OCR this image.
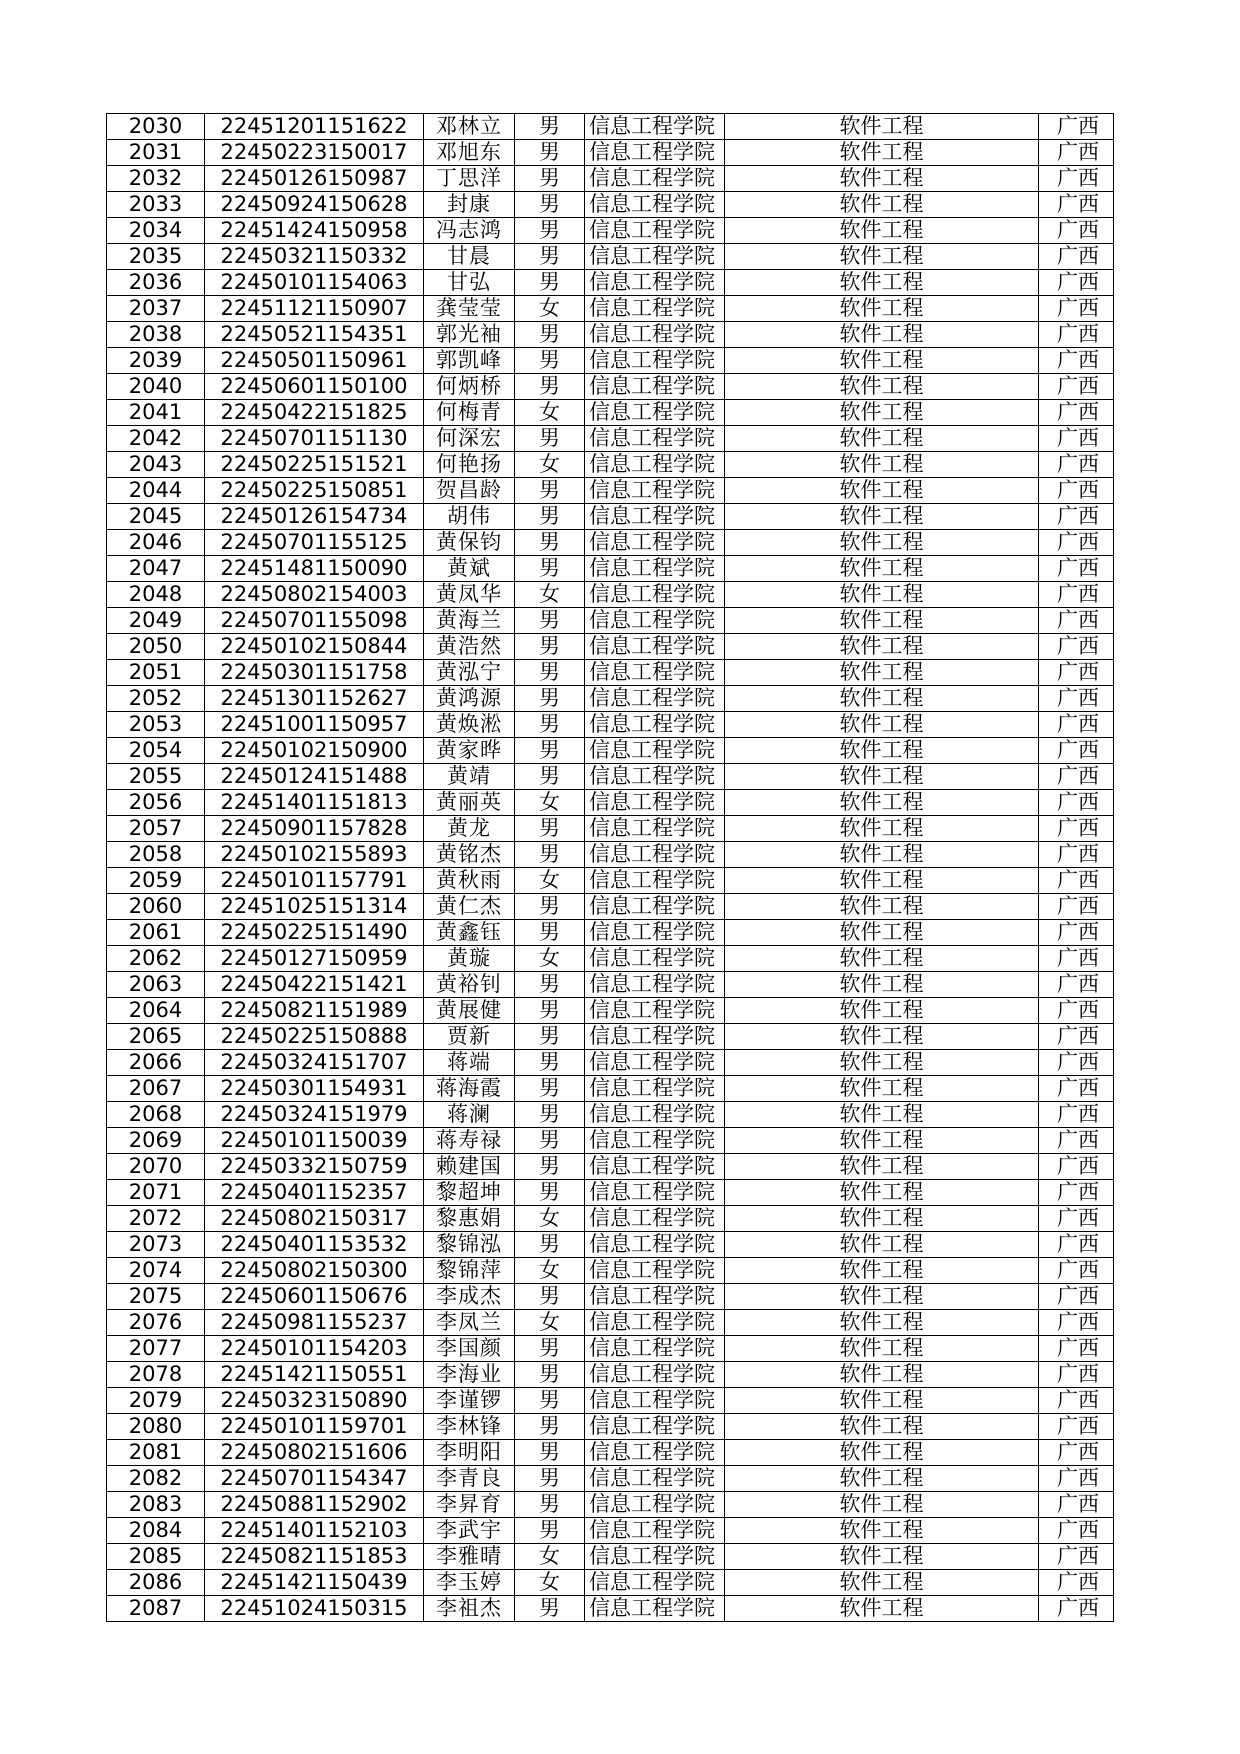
2030	22451201151622	邓林立	男	信息工程学院	软件工程	广西
2031	22450223150017	邓旭东	男	信息工程学院	软件工程	广西
2032	22450126150987	丁思洋	男	信息工程学院	软件工程	广西
2033	22450924150628	封康	男	信息工程学院	软件工程	广西
2034	22451424150958	冯志鸿	男	信息工程学院	软件工程	广西
2035	22450321150332	甘晨	男	信息工程学院	软件工程	广西
2036	22450101154063	甘弘	男	信息工程学院	软件工程	广西
2037	22451121150907	龚莹莹	女	信息工程学院	软件工程	广西
2038	22450521154351	郭光袖	男	信息工程学院	软件工程	广西
2039	22450501150961	郭凯峰	男	信息工程学院	软件工程	广西
2040	22450601150100	何炳桥	男	信息工程学院	软件工程	广西
2041	22450422151825	何梅青	女	信息工程学院	软件工程	广西
2042	22450701151130	何深宏	男	信息工程学院	软件工程	广西
2043	22450225151521	何艳扬	女	信息工程学院	软件工程	广西
2044	22450225150851	贺昌龄	男	信息工程学院	软件工程	广西
2045	22450126154734	胡伟	男	信息工程学院	软件工程	广西
2046	22450701155125	黄保钧	男	信息工程学院	软件工程	广西
2047	22451481150090	黄斌	男	信息工程学院	软件工程	广西
2048	22450802154003	黄凤华	女	信息工程学院	软件工程	广西
2049	22450701155098	黄海兰	男	信息工程学院	软件工程	广西
2050	22450102150844	黄浩然	男	信息工程学院	软件工程	广西
2051	22450301151758	黄泓宁	男	信息工程学院	软件工程	广西
2052	22451301152627	黄鸿源	男	信息工程学院	软件工程	广西
2053	22451001150957	黄焕淞	男	信息工程学院	软件工程	广西
2054	22450102150900	黄家晔	男	信息工程学院	软件工程	广西
2055	22450124151488	黄靖	男	信息工程学院	软件工程	广西
2056	22451401151813	黄丽英	女	信息工程学院	软件工程	广西
2057	22450901157828	黄龙	男	信息工程学院	软件工程	广西
2058	22450102155893	黄铭杰	男	信息工程学院	软件工程	广西
2059	22450101157791	黄秋雨	女	信息工程学院	软件工程	广西
2060	22451025151314	黄仁杰	男	信息工程学院	软件工程	广西
2061	22450225151490	黄鑫钰	男	信息工程学院	软件工程	广西
2062	22450127150959	黄璇	女	信息工程学院	软件工程	广西
2063	22450422151421	黄裕钊	男	信息工程学院	软件工程	广西
2064	22450821151989	黄展健	男	信息工程学院	软件工程	广西
2065	22450225150888	贾新	男	信息工程学院	软件工程	广西
2066	22450324151707	蒋端	男	信息工程学院	软件工程	广西
2067	22450301154931	蒋海霞	男	信息工程学院	软件工程	广西
2068	22450324151979	蒋澜	男	信息工程学院	软件工程	广西
2069	22450101150039	蒋寿禄	男	信息工程学院	软件工程	广西
2070	22450332150759	赖建国	男	信息工程学院	软件工程	广西
2071	22450401152357	黎超坤	男	信息工程学院	软件工程	广西
2072	22450802150317	黎惠娟	女	信息工程学院	软件工程	广西
2073	22450401153532	黎锦泓	男	信息工程学院	软件工程	广西
2074	22450802150300	黎锦萍	女	信息工程学院	软件工程	广西
2075	22450601150676	李成杰	男	信息工程学院	软件工程	广西
2076	22450981155237	李凤兰	女	信息工程学院	软件工程	广西
2077	22450101154203	李国颜	男	信息工程学院	软件工程	广西
2078	22451421150551	李海业	男	信息工程学院	软件工程	广西
2079	22450323150890	李谨锣	男	信息工程学院	软件工程	广西
2080	22450101159701	李林锋	男	信息工程学院	软件工程	广西
2081	22450802151606	李明阳	男	信息工程学院	软件工程	广西
2082	22450701154347	李青良	男	信息工程学院	软件工程	广西
2083	22450881152902	李昇育	男	信息工程学院	软件工程	广西
2084	22451401152103	李武宇	男	信息工程学院	软件工程	广西
2085	22450821151853	李雅晴	女	信息工程学院	软件工程	广西
2086	22451421150439	李玉婷	女	信息工程学院	软件工程	广西
2087	22451024150315	李祖杰	男	信息工程学院	软件工程	广西
